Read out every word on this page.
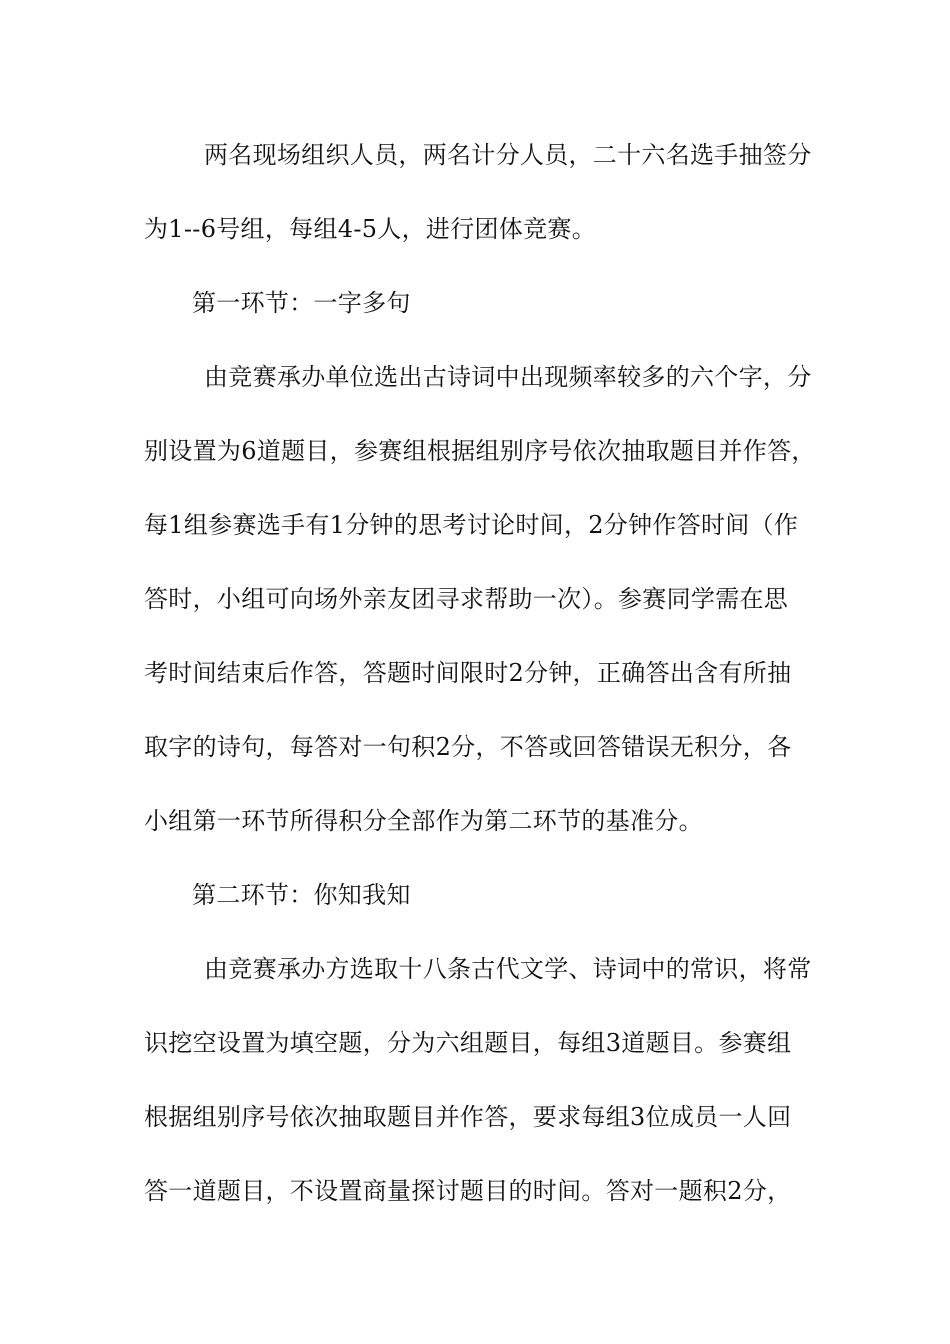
两名现场组织人员，两名计分人员，二十六名选手抽签分
为1--6号组，每组4-5人，进行团体竞赛。
第一环节：一字多句
由竞赛承办单位选出古诗词中出现频率较多的六个字，分
别设置为6道题目，参赛组根据组别序号依次抽取题目并作答，
每1组参赛选手有1分钟的思考讨论时间，2分钟作答时间（作
答时，小组可向场外亲友团寻求帮助一次）。参赛同学需在思
考时间结束后作答，答题时间限时2分钟，正确答出含有所抽
取字的诗句，每答对一句积2分，不答或回答错误无积分，各
小组第一环节所得积分全部作为第二环节的基准分。
第二环节：你知我知
由竞赛承办方选取十八条古代文学、诗词中的常识，将常
识挖空设置为填空题，分为六组题目，每组3道题目。参赛组
根据组别序号依次抽取题目并作答，要求每组3位成员一人回
答一道题目，不设置商量探讨题目的时间。答对一题积2分，
